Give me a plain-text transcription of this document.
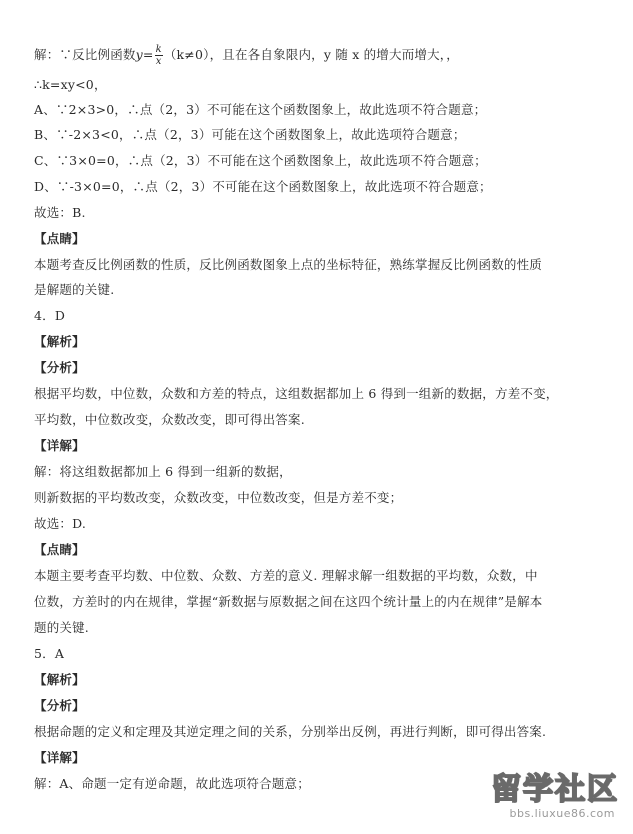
解：∵反比例函数$y= \frac{k}{x} (k\ne 0)$，且在各自象限内，y 随 x 的增大而增大，，
∴k=xy<0，
A、∵2×3>0，∴点（2，3）不可能在这个函数图象上，故此选项不符合题意；
B、∵-2×3<0，∴点（2，3）可能在这个函数图象上，故此选项符合题意；
C、∵3×0=0，∴点（2，3）不可能在这个函数图象上，故此选项不符合题意；
D、∵-3×0=0，∴点（2，3）不可能在这个函数图象上，故此选项不符合题意；
故选：B.
【点睛】
本题考查反比例函数的性质，反比例函数图象上点的坐标特征，熟练掌握反比例函数的性质
是解题的关键.
4．D
【解析】
【分析】
根据平均数，中位数，众数和方差的特点，这组数据都加上 6 得到一组新的数据，方差不变，
平均数，中位数改变，众数改变，即可得出答案.
【详解】
解：将这组数据都加上 6 得到一组新的数据，
则新数据的平均数改变，众数改变，中位数改变，但是方差不变；
故选：D.
【点睛】
本题主要考查平均数、中位数、众数、方差的意义. 理解求解一组数据的平均数，众数，中
位数，方差时的内在规律，掌握“新数据与原数据之间在这四个统计量上的内在规律”是解本
题的关键.
5．A
【解析】
【分析】
根据命题的定义和定理及其逆定理之间的关系，分别举出反例，再进行判断，即可得出答案.
【详解】
解：A、命题一定有逆命题，故此选项符合题意；	留学社区
bbs.liuxue86.com
